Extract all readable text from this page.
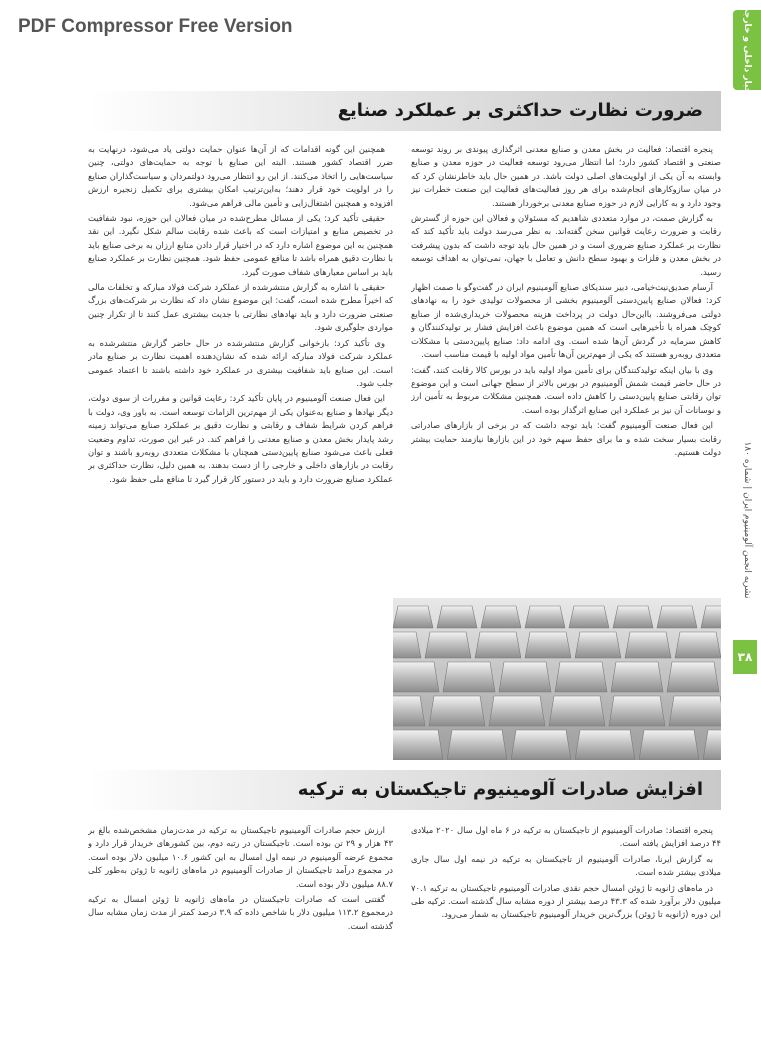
PDF Compressor Free Version	اخبار داخلی و خارجی
نشریه انجمن آلومینیوم ایران | شماره ۱۸۰
۳۸
ضرورت نظارت حداکثری بر عملکرد صنایع

پنجره اقتصاد: فعالیت در بخش معدن و صنایع معدنی اثرگذاری پیوندی بر روند توسعه صنعتی و اقتصاد کشور دارد؛ اما انتظار می‌رود توسعه فعالیت در حوزه معدن و صنایع وابسته به آن یکی از اولویت‌های اصلی دولت باشد. در همین حال باید خاطرنشان کرد که در میان سازوکارهای انجام‌شده برای هر روز فعالیت‌های فعالیت این صنعت خطرات نیز وجود دارد و به کارایی لازم در حوزه صنایع معدنی برخوردار هستند.

به گزارش صمت، در موارد متعددی شاهدیم که مسئولان و فعالان این حوزه از گسترش رقابت و ضرورت رعایت قوانین سخن گفته‌اند. به نظر می‌رسد دولت باید تأکید کند که نظارت بر عملکرد صنایع ضروری است و در همین حال باید توجه داشت که بدون پیشرفت در بخش معدن و فلزات و بهبود سطح دانش و تعامل با جهان، نمی‌توان به اهداف توسعه رسید.

آرسام صدیق‌نیت‌خیامی، دبیر سندیکای صنایع آلومینیوم ایران در گفت‌وگو با صمت اظهار کرد: فعالان صنایع پایین‌دستی آلومینیوم بخشی از محصولات تولیدی خود را به نهادهای دولتی می‌فروشند. بااین‌حال دولت در پرداخت هزینه محصولات خریداری‌شده از صنایع کوچک همراه با تأخیرهایی است که همین موضوع باعث افزایش فشار بر تولیدکنندگان و کاهش سرمایه در گردش آن‌ها شده است. وی ادامه داد: صنایع پایین‌دستی با مشکلات متعددی روبه‌رو هستند که یکی از مهم‌ترین آن‌ها تأمین مواد اولیه با قیمت مناسب است.

وی با بیان اینکه تولیدکنندگان برای تأمین مواد اولیه باید در بورس کالا رقابت کنند، گفت: در حال حاضر قیمت شمش آلومینیوم در بورس بالاتر از سطح جهانی است و این موضوع توان رقابتی صنایع پایین‌دستی را کاهش داده است. همچنین مشکلات مربوط به تأمین ارز و نوسانات آن نیز بر عملکرد این صنایع اثرگذار بوده است.

این فعال صنعت آلومینیوم گفت: باید توجه داشت که در برخی از بازارهای صادراتی رقابت بسیار سخت شده و ما برای حفظ سهم خود در این بازارها نیازمند حمایت بیشتر دولت هستیم.

همچنین این گونه اقدامات که از آن‌ها عنوان حمایت دولتی یاد می‌شود، درنهایت به ضرر اقتصاد کشور هستند. البته این صنایع با توجه به حمایت‌های دولتی، چنین سیاست‌هایی را اتخاذ می‌کنند. از این رو انتظار می‌رود دولتمردان و سیاست‌گذاران صنایع را در اولویت خود قرار دهند؛ به‌این‌ترتیب امکان بیشتری برای تکمیل زنجیره ارزش افزوده و همچنین اشتغال‌زایی و تأمین مالی فراهم می‌شود.

حقیقی تأکید کرد: یکی از مسائل مطرح‌شده در میان فعالان این حوزه، نبود شفافیت در تخصیص منابع و امتیازات است که باعث شده رقابت سالم شکل نگیرد. این نقد همچنین به این موضوع اشاره دارد که در اختیار قرار دادن منابع ارزان به برخی صنایع باید با نظارت دقیق همراه باشد تا منافع عمومی حفظ شود. همچنین نظارت بر عملکرد صنایع باید بر اساس معیارهای شفاف صورت گیرد.

حقیقی با اشاره به گزارش منتشرشده از عملکرد شرکت فولاد مبارکه و تخلفات مالی که اخیراً مطرح شده است، گفت: این موضوع نشان داد که نظارت بر شرکت‌های بزرگ صنعتی ضرورت دارد و باید نهادهای نظارتی با جدیت بیشتری عمل کنند تا از تکرار چنین مواردی جلوگیری شود.

وی تأکید کرد: بازخوانی گزارش منتشرشده در حال حاضر گزارش منتشرشده به عملکرد شرکت فولاد مبارکه ارائه شده که نشان‌دهنده اهمیت نظارت بر صنایع مادر است. این صنایع باید شفافیت بیشتری در عملکرد خود داشته باشند تا اعتماد عمومی جلب شود.

این فعال صنعت آلومینیوم در پایان تأکید کرد: رعایت قوانین و مقررات از سوی دولت، دیگر نهادها و صنایع به‌عنوان یکی از مهم‌ترین الزامات توسعه است. به باور وی، دولت با فراهم کردن شرایط شفاف و رقابتی و نظارت دقیق بر عملکرد صنایع می‌تواند زمینه رشد پایدار بخش معدن و صنایع معدنی را فراهم کند. در غیر این صورت، تداوم وضعیت فعلی باعث می‌شود صنایع پایین‌دستی همچنان با مشکلات متعددی روبه‌رو باشند و توان رقابت در بازارهای داخلی و خارجی را از دست بدهند. به همین دلیل، نظارت حداکثری بر عملکرد صنایع ضرورت دارد و باید در دستور کار قرار گیرد تا منافع ملی حفظ شود.

افزایش صادرات آلومینیوم تاجیکستان به ترکیه

پنجره اقتصاد: صادرات آلومینیوم از تاجیکستان به ترکیه در ۶ ماه اول سال ۲۰۲۰ میلادی ۴۴ درصد افزایش یافته است.

به گزارش ایرنا، صادرات آلومینیوم از تاجیکستان به ترکیه در نیمه اول سال جاری میلادی بیشتر شده است.

در ماه‌های ژانویه تا ژوئن امسال حجم نقدی صادرات آلومینیوم تاجیکستان به ترکیه ۷۰.۱ میلیون دلار برآورد شده که ۴۳.۳ درصد بیشتر از دوره مشابه سال گذشته است. ترکیه طی این دوره (ژانویه تا ژوئن) بزرگ‌ترین خریدار آلومینیوم تاجیکستان به شمار می‌رود.

ارزش حجم صادرات آلومینیوم تاجیکستان به ترکیه در مدت‌زمان مشخص‌شده بالغ بر ۴۳ هزار و ۲۹ تن بوده است. تاجیکستان در رتبه دوم، بین کشورهای خریدار قرار دارد و مجموع عرضه آلومینیوم در نیمه اول امسال به این کشور ۱۰.۶ میلیون دلار بوده است. در مجموع درآمد تاجیکستان از صادرات آلومینیوم در ماه‌های ژانویه تا ژوئن به‌طور کلی ۸۸.۷ میلیون دلار بوده است.

گفتنی است که صادرات تاجیکستان در ماه‌های ژانویه تا ژوئن امسال به ترکیه درمجموع ۱۱۳.۲ میلیون دلار با شاخص داده که ۳.۹ درصد کمتر از مدت زمان مشابه سال گذشته است.
